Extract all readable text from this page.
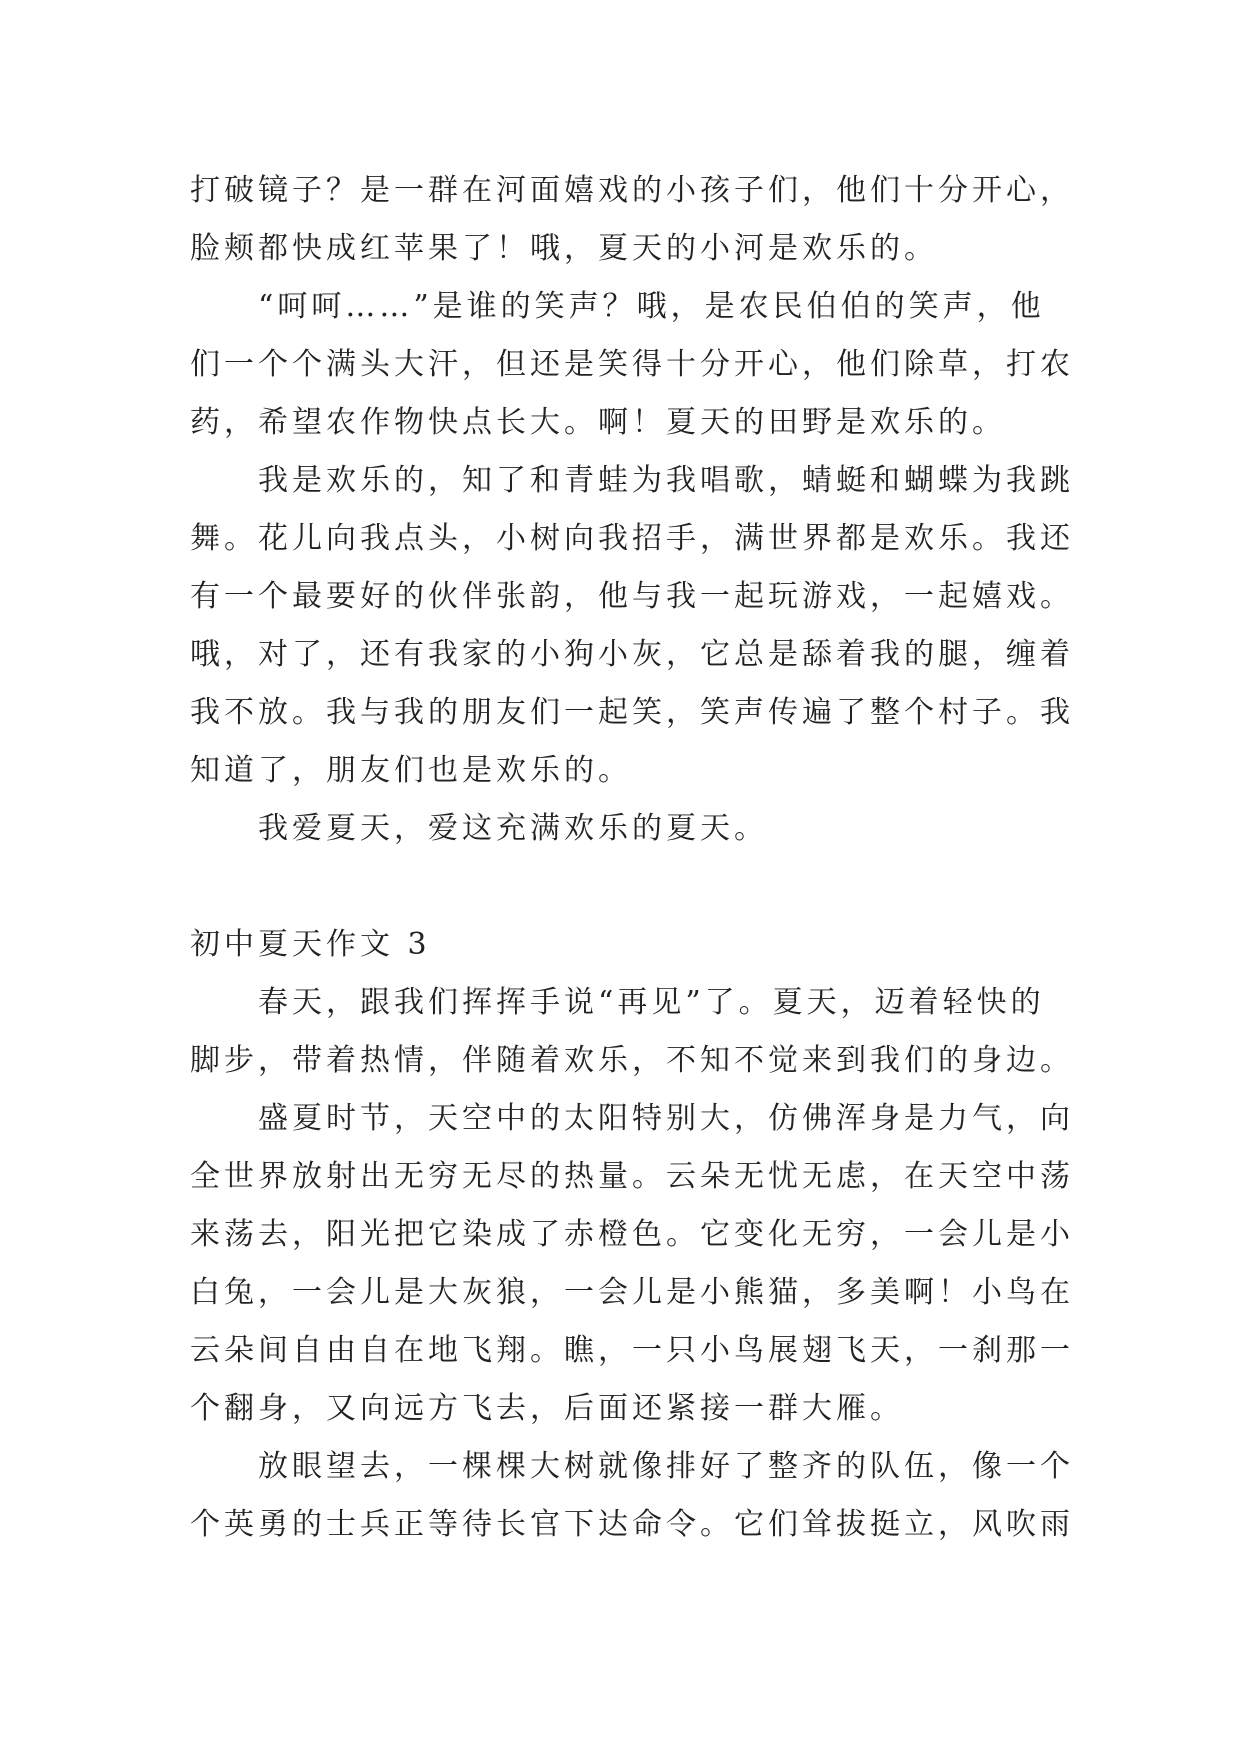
打破镜子？是一群在河面嬉戏的小孩子们，他们十分开心，
脸颊都快成红苹果了！哦，夏天的小河是欢乐的。
“呵呵……”是谁的笑声？哦，是农民伯伯的笑声，他
们一个个满头大汗，但还是笑得十分开心，他们除草，打农
药，希望农作物快点长大。啊！夏天的田野是欢乐的。
我是欢乐的，知了和青蛙为我唱歌，蜻蜓和蝴蝶为我跳
舞。花儿向我点头，小树向我招手，满世界都是欢乐。我还
有一个最要好的伙伴张韵，他与我一起玩游戏，一起嬉戏。
哦，对了，还有我家的小狗小灰，它总是舔着我的腿，缠着
我不放。我与我的朋友们一起笑，笑声传遍了整个村子。我
知道了，朋友们也是欢乐的。
我爱夏天，爱这充满欢乐的夏天。
初中夏天作文 3
春天，跟我们挥挥手说“再见”了。夏天，迈着轻快的
脚步，带着热情，伴随着欢乐，不知不觉来到我们的身边。
盛夏时节，天空中的太阳特别大，仿佛浑身是力气，向
全世界放射出无穷无尽的热量。云朵无忧无虑，在天空中荡
来荡去，阳光把它染成了赤橙色。它变化无穷，一会儿是小
白兔，一会儿是大灰狼，一会儿是小熊猫，多美啊！小鸟在
云朵间自由自在地飞翔。瞧，一只小鸟展翅飞天，一刹那一
个翻身，又向远方飞去，后面还紧接一群大雁。
放眼望去，一棵棵大树就像排好了整齐的队伍，像一个
个英勇的士兵正等待长官下达命令。它们耸拔挺立，风吹雨
